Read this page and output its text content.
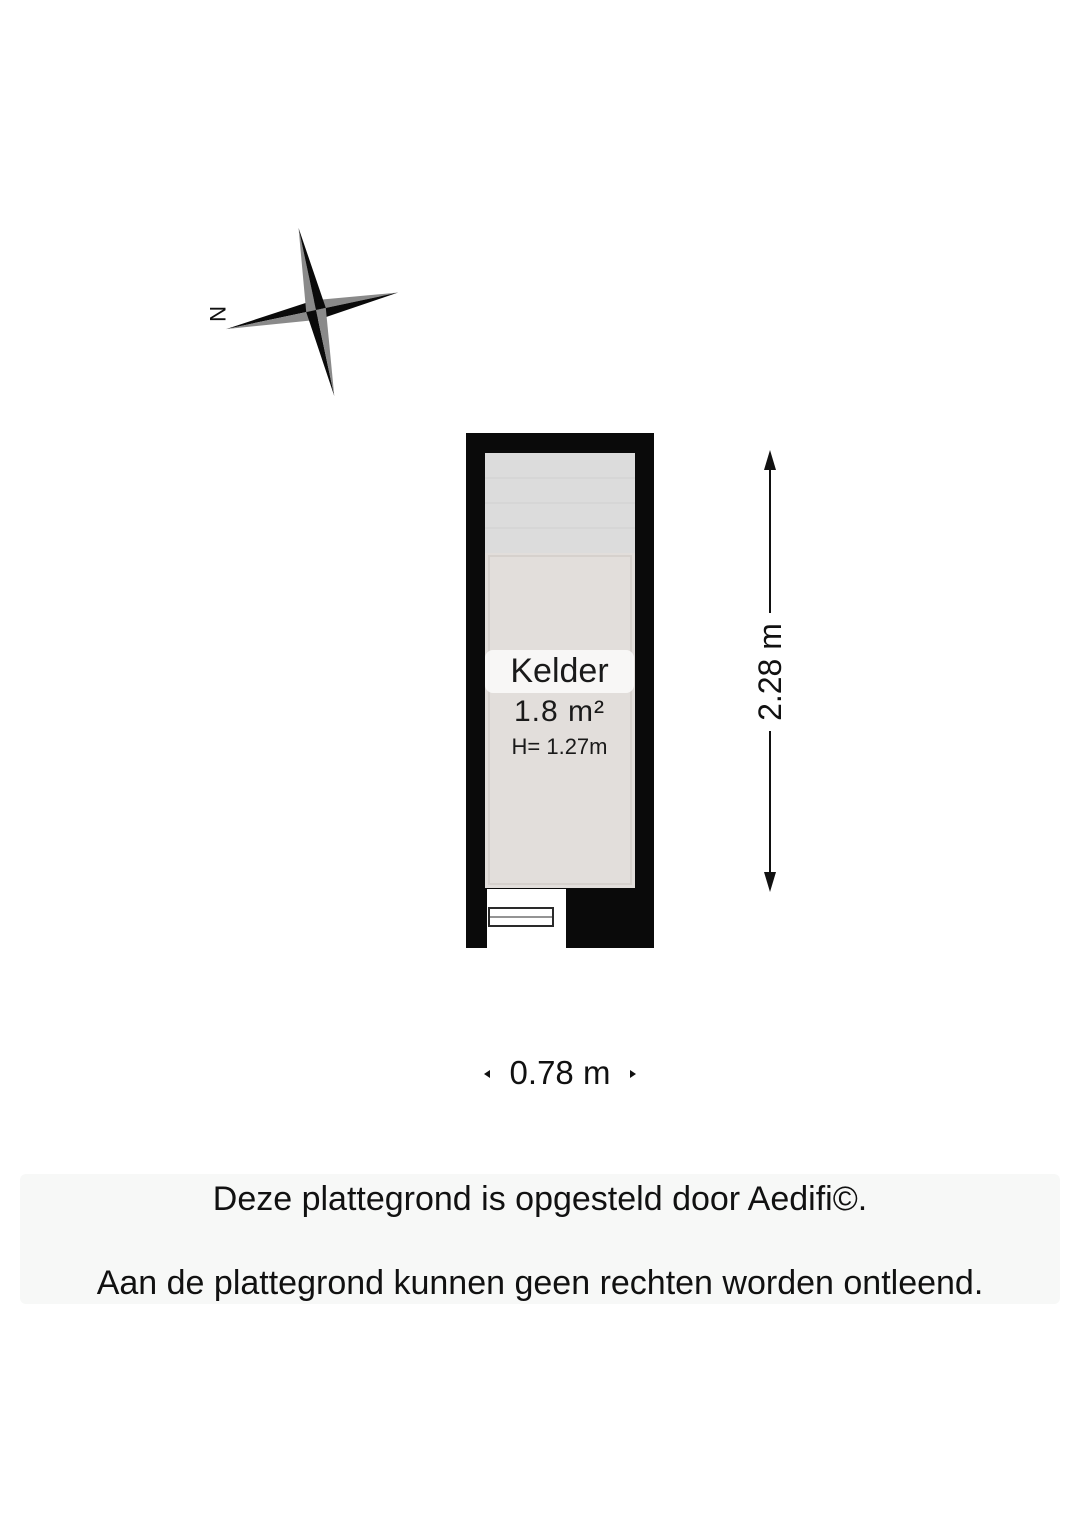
N
Kelder
1.8 m²
H= 1.27m
2.28 m
0.78 m
Deze plattegrond is opgesteld door Aedifi©.
Aan de plattegrond kunnen geen rechten worden ontleend.
